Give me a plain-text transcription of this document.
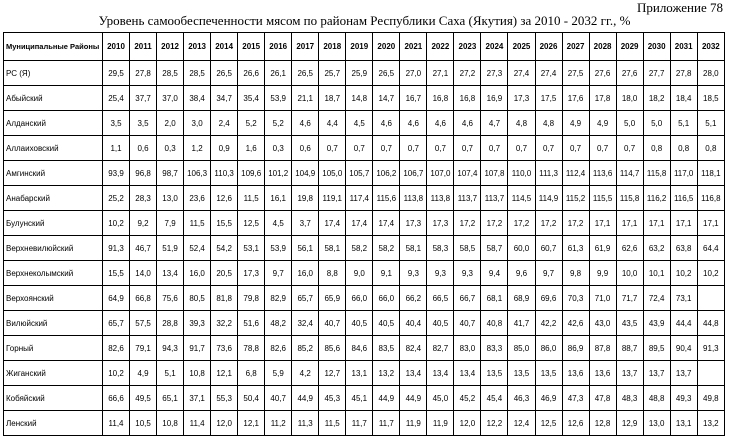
Приложение 78
Уровень самообеспеченности мясом по районам Республики Саха (Якутия) за 2010 - 2032 гг., %
Муниципальные Районы	2010	2011	2012	2013	2014	2015	2016	2017	2018	2019	2020	2021	2022	2023	2024	2025	2026	2027	2028	2029	2030	2031	2032
РС (Я)	29,5	27,8	28,5	28,5	26,5	26,6	26,1	26,5	25,7	25,9	26,5	27,0	27,1	27,2	27,3	27,4	27,4	27,5	27,6	27,6	27,7	27,8	28,0
Абыйский	25,4	37,7	37,0	38,4	34,7	35,4	53,9	21,1	18,7	14,8	14,7	16,7	16,8	16,8	16,9	17,3	17,5	17,6	17,8	18,0	18,2	18,4	18,5
Алданский	3,5	3,5	2,0	3,0	2,4	5,2	5,2	4,6	4,4	4,5	4,6	4,6	4,6	4,6	4,7	4,8	4,8	4,9	4,9	5,0	5,0	5,1	5,1
Аллаиховский	1,1	0,6	0,3	1,2	0,9	1,6	0,3	0,6	0,7	0,7	0,7	0,7	0,7	0,7	0,7	0,7	0,7	0,7	0,7	0,7	0,8	0,8	0,8
Амгинский	93,9	96,8	98,7	106,3	110,3	109,6	101,2	104,9	105,0	105,7	106,2	106,7	107,0	107,4	107,8	110,0	111,3	112,4	113,6	114,7	115,8	117,0	118,1
Анабарский	25,2	28,3	13,0	23,6	12,6	11,5	16,1	19,8	119,1	117,4	115,6	113,8	113,8	113,7	113,7	114,5	114,9	115,2	115,5	115,8	116,2	116,5	116,8
Булунский	10,2	9,2	7,9	11,5	15,5	12,5	4,5	3,7	17,4	17,4	17,4	17,3	17,3	17,2	17,2	17,2	17,2	17,2	17,1	17,1	17,1	17,1	17,1
Верхневилюйский	91,3	46,7	51,9	52,4	54,2	53,1	53,9	56,1	58,1	58,2	58,2	58,1	58,3	58,5	58,7	60,0	60,7	61,3	61,9	62,6	63,2	63,8	64,4
Верхнеколымский	15,5	14,0	13,4	16,0	20,5	17,3	9,7	16,0	8,8	9,0	9,1	9,3	9,3	9,3	9,4	9,6	9,7	9,8	9,9	10,0	10,1	10,2	10,2
Верхоянский	64,9	66,8	75,6	80,5	81,8	79,8	82,9	65,7	65,9	66,0	66,0	66,2	66,5	66,7	68,1	68,9	69,6	70,3	71,0	71,7	72,4	73,1	
Вилюйский	65,7	57,5	28,8	39,3	32,2	51,6	48,2	32,4	40,7	40,5	40,5	40,4	40,5	40,7	40,8	41,7	42,2	42,6	43,0	43,5	43,9	44,4	44,8
Горный	82,6	79,1	94,3	91,7	73,6	78,8	82,6	85,2	85,6	84,6	83,5	82,4	82,7	83,0	83,3	85,0	86,0	86,9	87,8	88,7	89,5	90,4	91,3
Жиганский	10,2	4,9	5,1	10,8	12,1	6,8	5,9	4,2	12,7	13,1	13,2	13,4	13,4	13,4	13,5	13,5	13,5	13,6	13,6	13,7	13,7	13,7	
Кобяйский	66,6	49,5	65,1	37,1	55,3	50,4	40,7	44,9	45,3	45,1	44,9	44,9	45,0	45,2	45,4	46,3	46,9	47,3	47,8	48,3	48,8	49,3	49,8
Ленский	11,4	10,5	10,8	11,4	12,0	12,1	11,2	11,3	11,5	11,7	11,7	11,9	11,9	12,0	12,2	12,4	12,5	12,6	12,8	12,9	13,0	13,1	13,2
